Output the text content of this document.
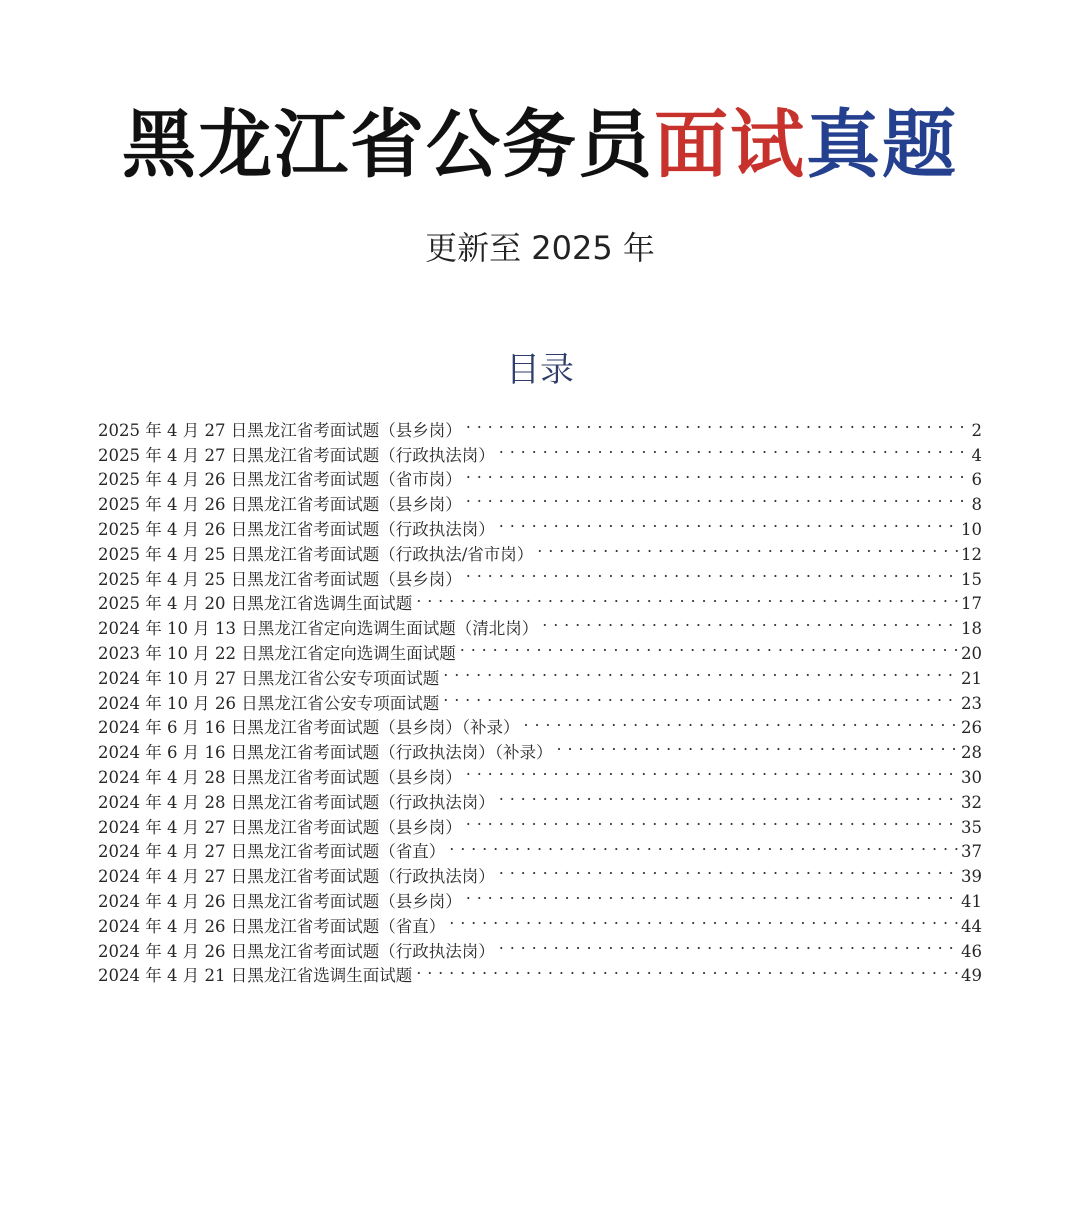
黑龙江省公务员面试真题
更新至 2025 年
目录
2025 年 4 月 27 日黑龙江省考面试题（县乡岗） . . .	2
2025 年 4 月 27 日黑龙江省考面试题（行政执法岗） . . .	4
2025 年 4 月 26 日黑龙江省考面试题（省市岗） . . .	6
2025 年 4 月 26 日黑龙江省考面试题（县乡岗） . . .	8
2025 年 4 月 26 日黑龙江省考面试题（行政执法岗） . . .	10
2025 年 4 月 25 日黑龙江省考面试题（行政执法/省市岗） . . .	12
2025 年 4 月 25 日黑龙江省考面试题（县乡岗） . . .	15
2025 年 4 月 20 日黑龙江省选调生面试题 . . .	17
2024 年 10 月 13 日黑龙江省定向选调生面试题（清北岗） . . .	18
2023 年 10 月 22 日黑龙江省定向选调生面试题 . . .	20
2024 年 10 月 27 日黑龙江省公安专项面试题 . . .	21
2024 年 10 月 26 日黑龙江省公安专项面试题 . . .	23
2024 年 6 月 16 日黑龙江省考面试题（县乡岗）（补录） . . .	26
2024 年 6 月 16 日黑龙江省考面试题（行政执法岗）（补录） . . .	28
2024 年 4 月 28 日黑龙江省考面试题（县乡岗） . . .	30
2024 年 4 月 28 日黑龙江省考面试题（行政执法岗） . . .	32
2024 年 4 月 27 日黑龙江省考面试题（县乡岗） . . .	35
2024 年 4 月 27 日黑龙江省考面试题（省直） . . .	37
2024 年 4 月 27 日黑龙江省考面试题（行政执法岗） . . .	39
2024 年 4 月 26 日黑龙江省考面试题（县乡岗） . . .	41
2024 年 4 月 26 日黑龙江省考面试题（省直） . . .	44
2024 年 4 月 26 日黑龙江省考面试题（行政执法岗） . . .	46
2024 年 4 月 21 日黑龙江省选调生面试题 . . .	49
